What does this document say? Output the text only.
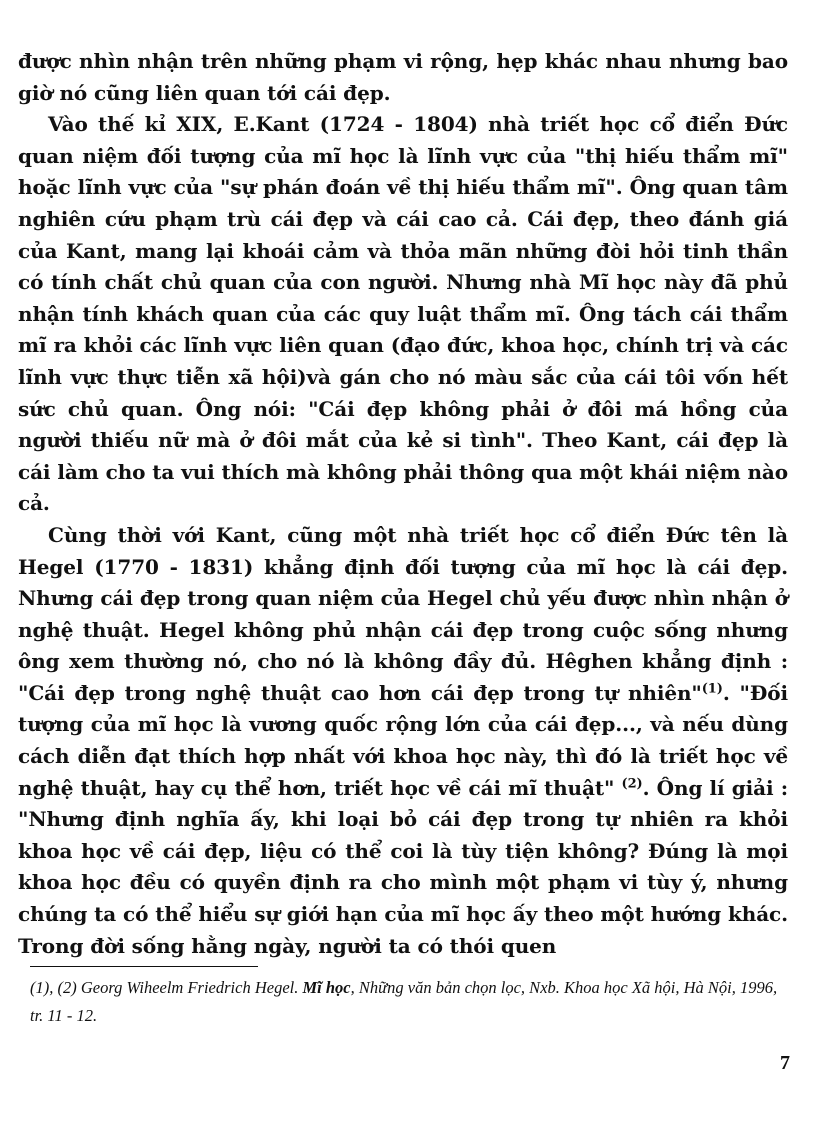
được nhìn nhận trên những phạm vi rộng, hẹp khác nhau nhưng bao giờ nó cũng liên quan tới cái đẹp.

Vào thế kỉ XIX, E.Kant (1724 - 1804) nhà triết học cổ điển Đức quan niệm đối tượng của mĩ học là lĩnh vực của "thị hiếu thẩm mĩ" hoặc lĩnh vực của "sự phán đoán về thị hiếu thẩm mĩ". Ông quan tâm nghiên cứu phạm trù cái đẹp và cái cao cả. Cái đẹp, theo đánh giá của Kant, mang lại khoái cảm và thỏa mãn những đòi hỏi tinh thần có tính chất chủ quan của con người. Nhưng nhà Mĩ học này đã phủ nhận tính khách quan của các quy luật thẩm mĩ. Ông tách cái thẩm mĩ ra khỏi các lĩnh vực liên quan (đạo đức, khoa học, chính trị và các lĩnh vực thực tiễn xã hội)và gán cho nó màu sắc của cái tôi vốn hết sức chủ quan. Ông nói: "Cái đẹp không phải ở đôi má hồng của người thiếu nữ mà ở đôi mắt của kẻ si tình". Theo Kant, cái đẹp là cái làm cho ta vui thích mà không phải thông qua một khái niệm nào cả.

Cùng thời với Kant, cũng một nhà triết học cổ điển Đức tên là Hegel (1770 - 1831) khẳng định đối tượng của mĩ học là cái đẹp. Nhưng cái đẹp trong quan niệm của Hegel chủ yếu được nhìn nhận ở nghệ thuật. Hegel không phủ nhận cái đẹp trong cuộc sống nhưng ông xem thường nó, cho nó là không đầy đủ. Hêghen khẳng định : "Cái đẹp trong nghệ thuật cao hơn cái đẹp trong tự nhiên"$^{(1)}$. "Đối tượng của mĩ học là vương quốc rộng lớn của cái đẹp..., và nếu dùng cách diễn đạt thích hợp nhất với khoa học này, thì đó là triết học về nghệ thuật, hay cụ thể hơn, triết học về cái mĩ thuật" $^{(2)}$. Ông lí giải : "Nhưng định nghĩa ấy, khi loại bỏ cái đẹp trong tự nhiên ra khỏi khoa học về cái đẹp, liệu có thể coi là tùy tiện không? Đúng là mọi khoa học đều có quyền định ra cho mình một phạm vi tùy ý, nhưng chúng ta có thể hiểu sự giới hạn của mĩ học ấy theo một hướng khác. Trong đời sống hằng ngày, người ta có thói quen

(1), (2) Georg Wiheelm Friedrich Hegel. Mĩ học, Những văn bản chọn lọc, Nxb. Khoa học Xã hội, Hà Nội, 1996, tr. 11 - 12.
7
